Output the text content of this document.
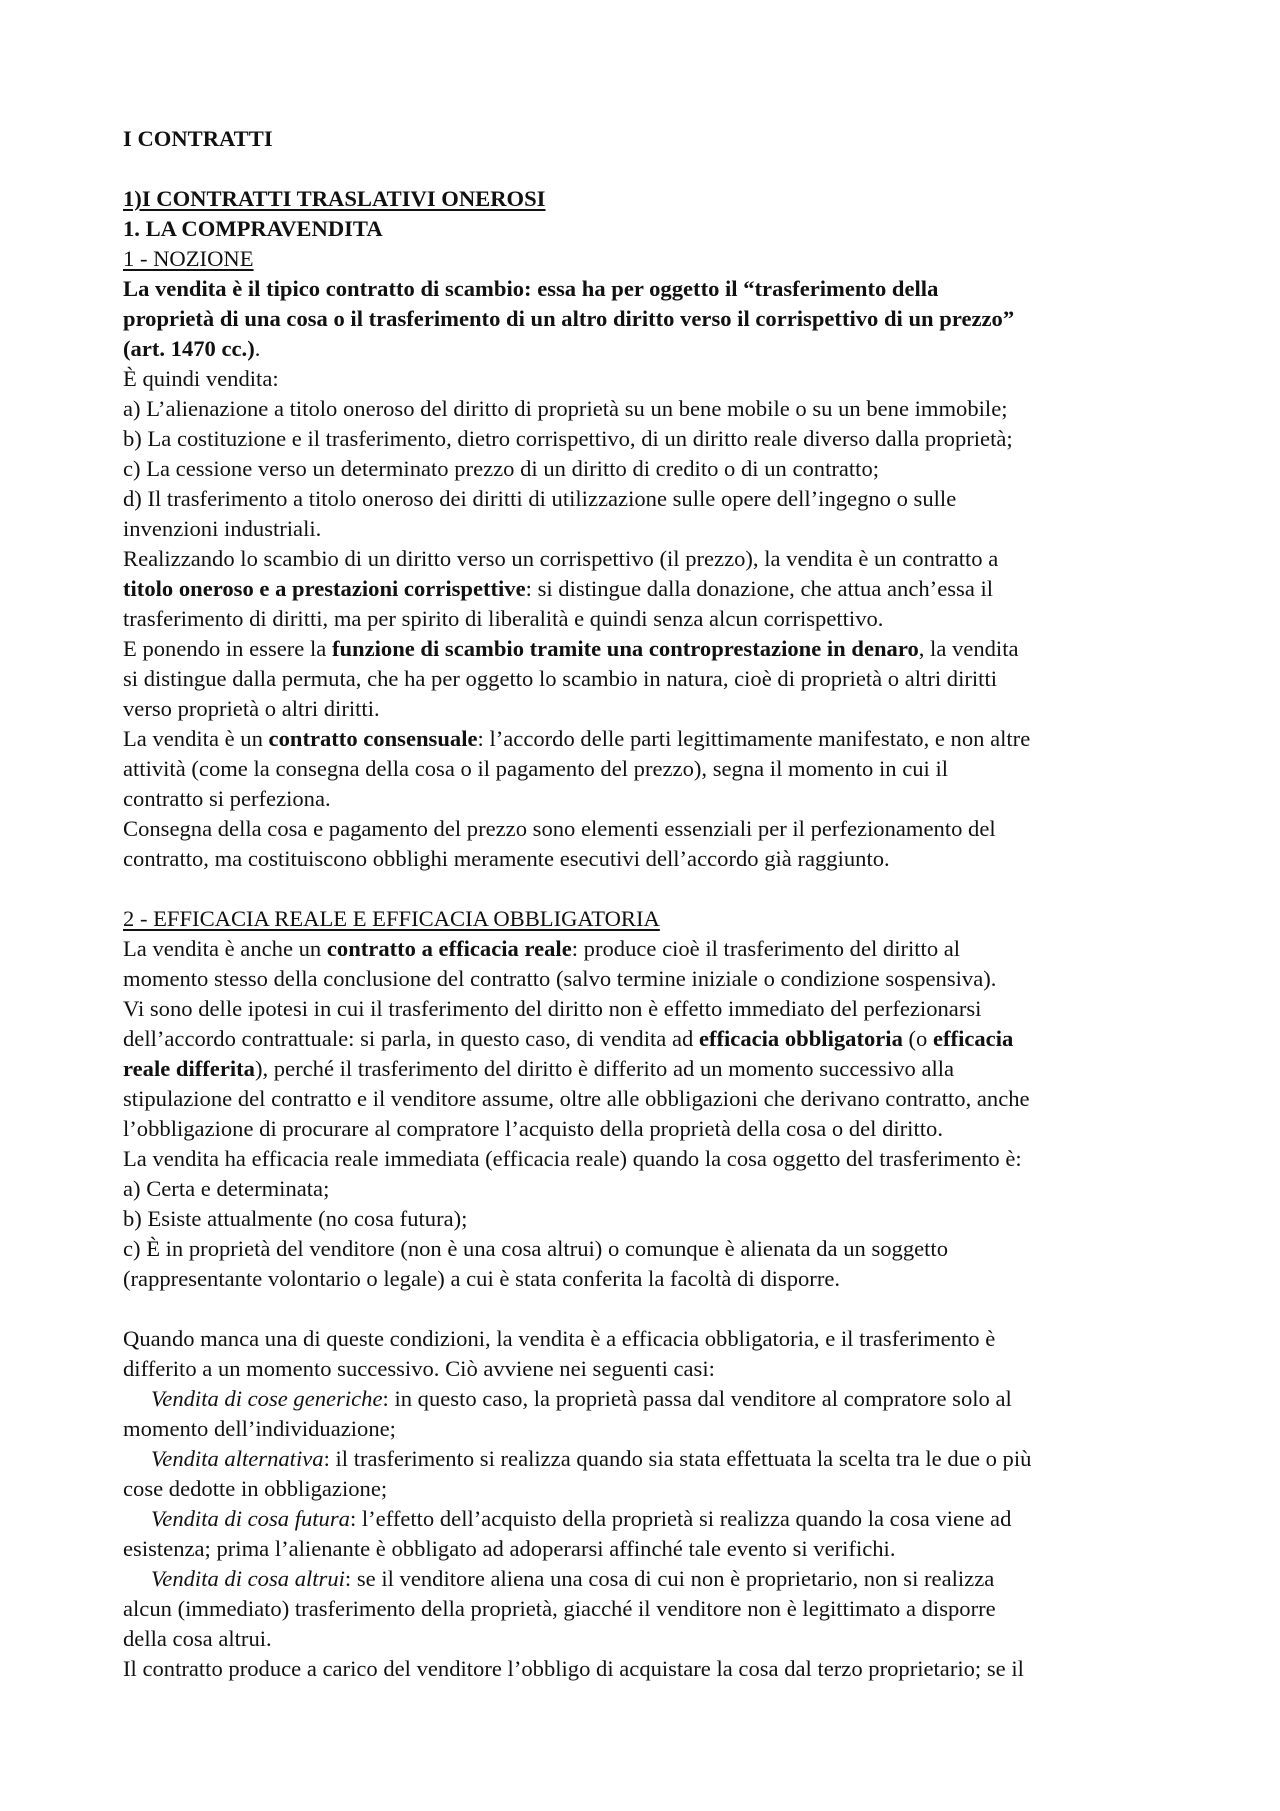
I CONTRATTI
1)I CONTRATTI TRASLATIVI ONEROSI
1. LA COMPRAVENDITA
1 - NOZIONE
La vendita è il tipico contratto di scambio: essa ha per oggetto il “trasferimento della
proprietà di una cosa o il trasferimento di un altro diritto verso il corrispettivo di un prezzo”
(art. 1470 cc.).
È quindi vendita:
a) L’alienazione a titolo oneroso del diritto di proprietà su un bene mobile o su un bene immobile;
b) La costituzione e il trasferimento, dietro corrispettivo, di un diritto reale diverso dalla proprietà;
c) La cessione verso un determinato prezzo di un diritto di credito o di un contratto;
d) Il trasferimento a titolo oneroso dei diritti di utilizzazione sulle opere dell’ingegno o sulle
invenzioni industriali.
Realizzando lo scambio di un diritto verso un corrispettivo (il prezzo), la vendita è un contratto a
titolo oneroso e a prestazioni corrispettive: si distingue dalla donazione, che attua anch’essa il
trasferimento di diritti, ma per spirito di liberalità e quindi senza alcun corrispettivo.
E ponendo in essere la funzione di scambio tramite una controprestazione in denaro, la vendita
si distingue dalla permuta, che ha per oggetto lo scambio in natura, cioè di proprietà o altri diritti
verso proprietà o altri diritti.
La vendita è un contratto consensuale: l’accordo delle parti legittimamente manifestato, e non altre
attività (come la consegna della cosa o il pagamento del prezzo), segna il momento in cui il
contratto si perfeziona.
Consegna della cosa e pagamento del prezzo sono elementi essenziali per il perfezionamento del
contratto, ma costituiscono obblighi meramente esecutivi dell’accordo già raggiunto.
2 - EFFICACIA REALE E EFFICACIA OBBLIGATORIA
La vendita è anche un contratto a efficacia reale: produce cioè il trasferimento del diritto al
momento stesso della conclusione del contratto (salvo termine iniziale o condizione sospensiva).
Vi sono delle ipotesi in cui il trasferimento del diritto non è effetto immediato del perfezionarsi
dell’accordo contrattuale: si parla, in questo caso, di vendita ad efficacia obbligatoria (o efficacia
reale differita), perché il trasferimento del diritto è differito ad un momento successivo alla
stipulazione del contratto e il venditore assume, oltre alle obbligazioni che derivano contratto, anche
l’obbligazione di procurare al compratore l’acquisto della proprietà della cosa o del diritto.
La vendita ha efficacia reale immediata (efficacia reale) quando la cosa oggetto del trasferimento è:
a) Certa e determinata;
b) Esiste attualmente (no cosa futura);
c) È in proprietà del venditore (non è una cosa altrui) o comunque è alienata da un soggetto
(rappresentante volontario o legale) a cui è stata conferita la facoltà di disporre.
Quando manca una di queste condizioni, la vendita è a efficacia obbligatoria, e il trasferimento è
differito a un momento successivo. Ciò avviene nei seguenti casi:
Vendita di cose generiche: in questo caso, la proprietà passa dal venditore al compratore solo al
momento dell’individuazione;
Vendita alternativa: il trasferimento si realizza quando sia stata effettuata la scelta tra le due o più
cose dedotte in obbligazione;
Vendita di cosa futura: l’effetto dell’acquisto della proprietà si realizza quando la cosa viene ad
esistenza; prima l’alienante è obbligato ad adoperarsi affinché tale evento si verifichi.
Vendita di cosa altrui: se il venditore aliena una cosa di cui non è proprietario, non si realizza
alcun (immediato) trasferimento della proprietà, giacché il venditore non è legittimato a disporre
della cosa altrui.
Il contratto produce a carico del venditore l’obbligo di acquistare la cosa dal terzo proprietario; se il
